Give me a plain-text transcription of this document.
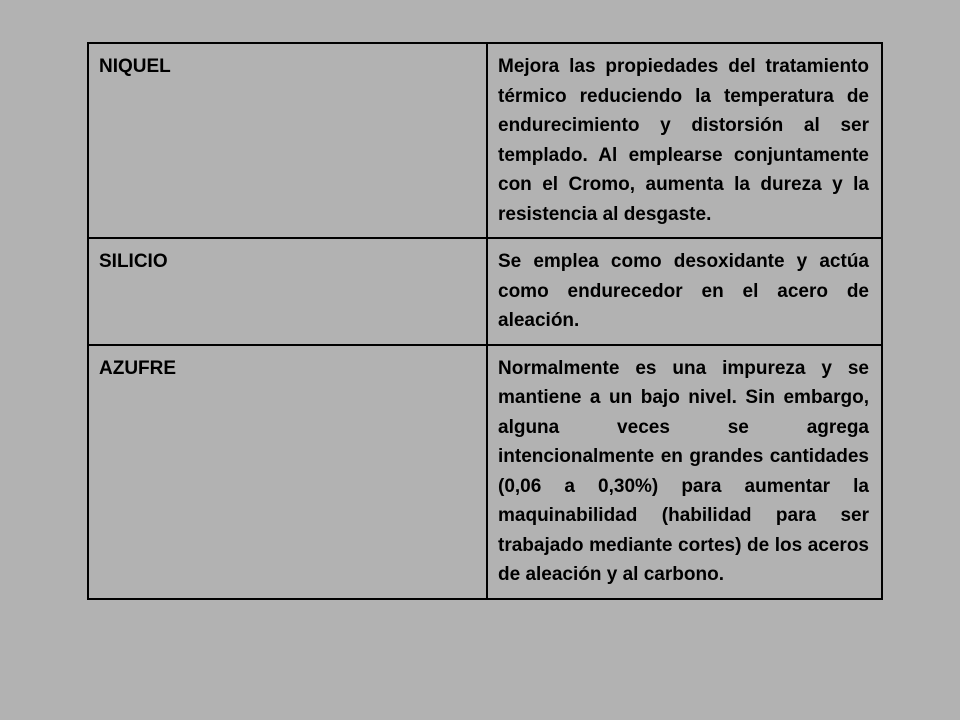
NIQUEL	Mejora las propiedades del tratamiento térmico reduciendo la temperatura de endurecimiento y distorsión al ser templado. Al emplearse conjuntamente con el Cromo, aumenta la dureza y la resistencia al desgaste.
SILICIO	Se emplea como desoxidante y actúa como endurecedor en el acero de aleación.
AZUFRE	Normalmente es una impureza y se mantiene a un bajo nivel. Sin embargo, alguna veces se agrega intencionalmente en grandes cantidades (0,06 a 0,30%) para aumentar la maquinabilidad (habilidad para ser trabajado mediante cortes) de los aceros de aleación y al carbono.
